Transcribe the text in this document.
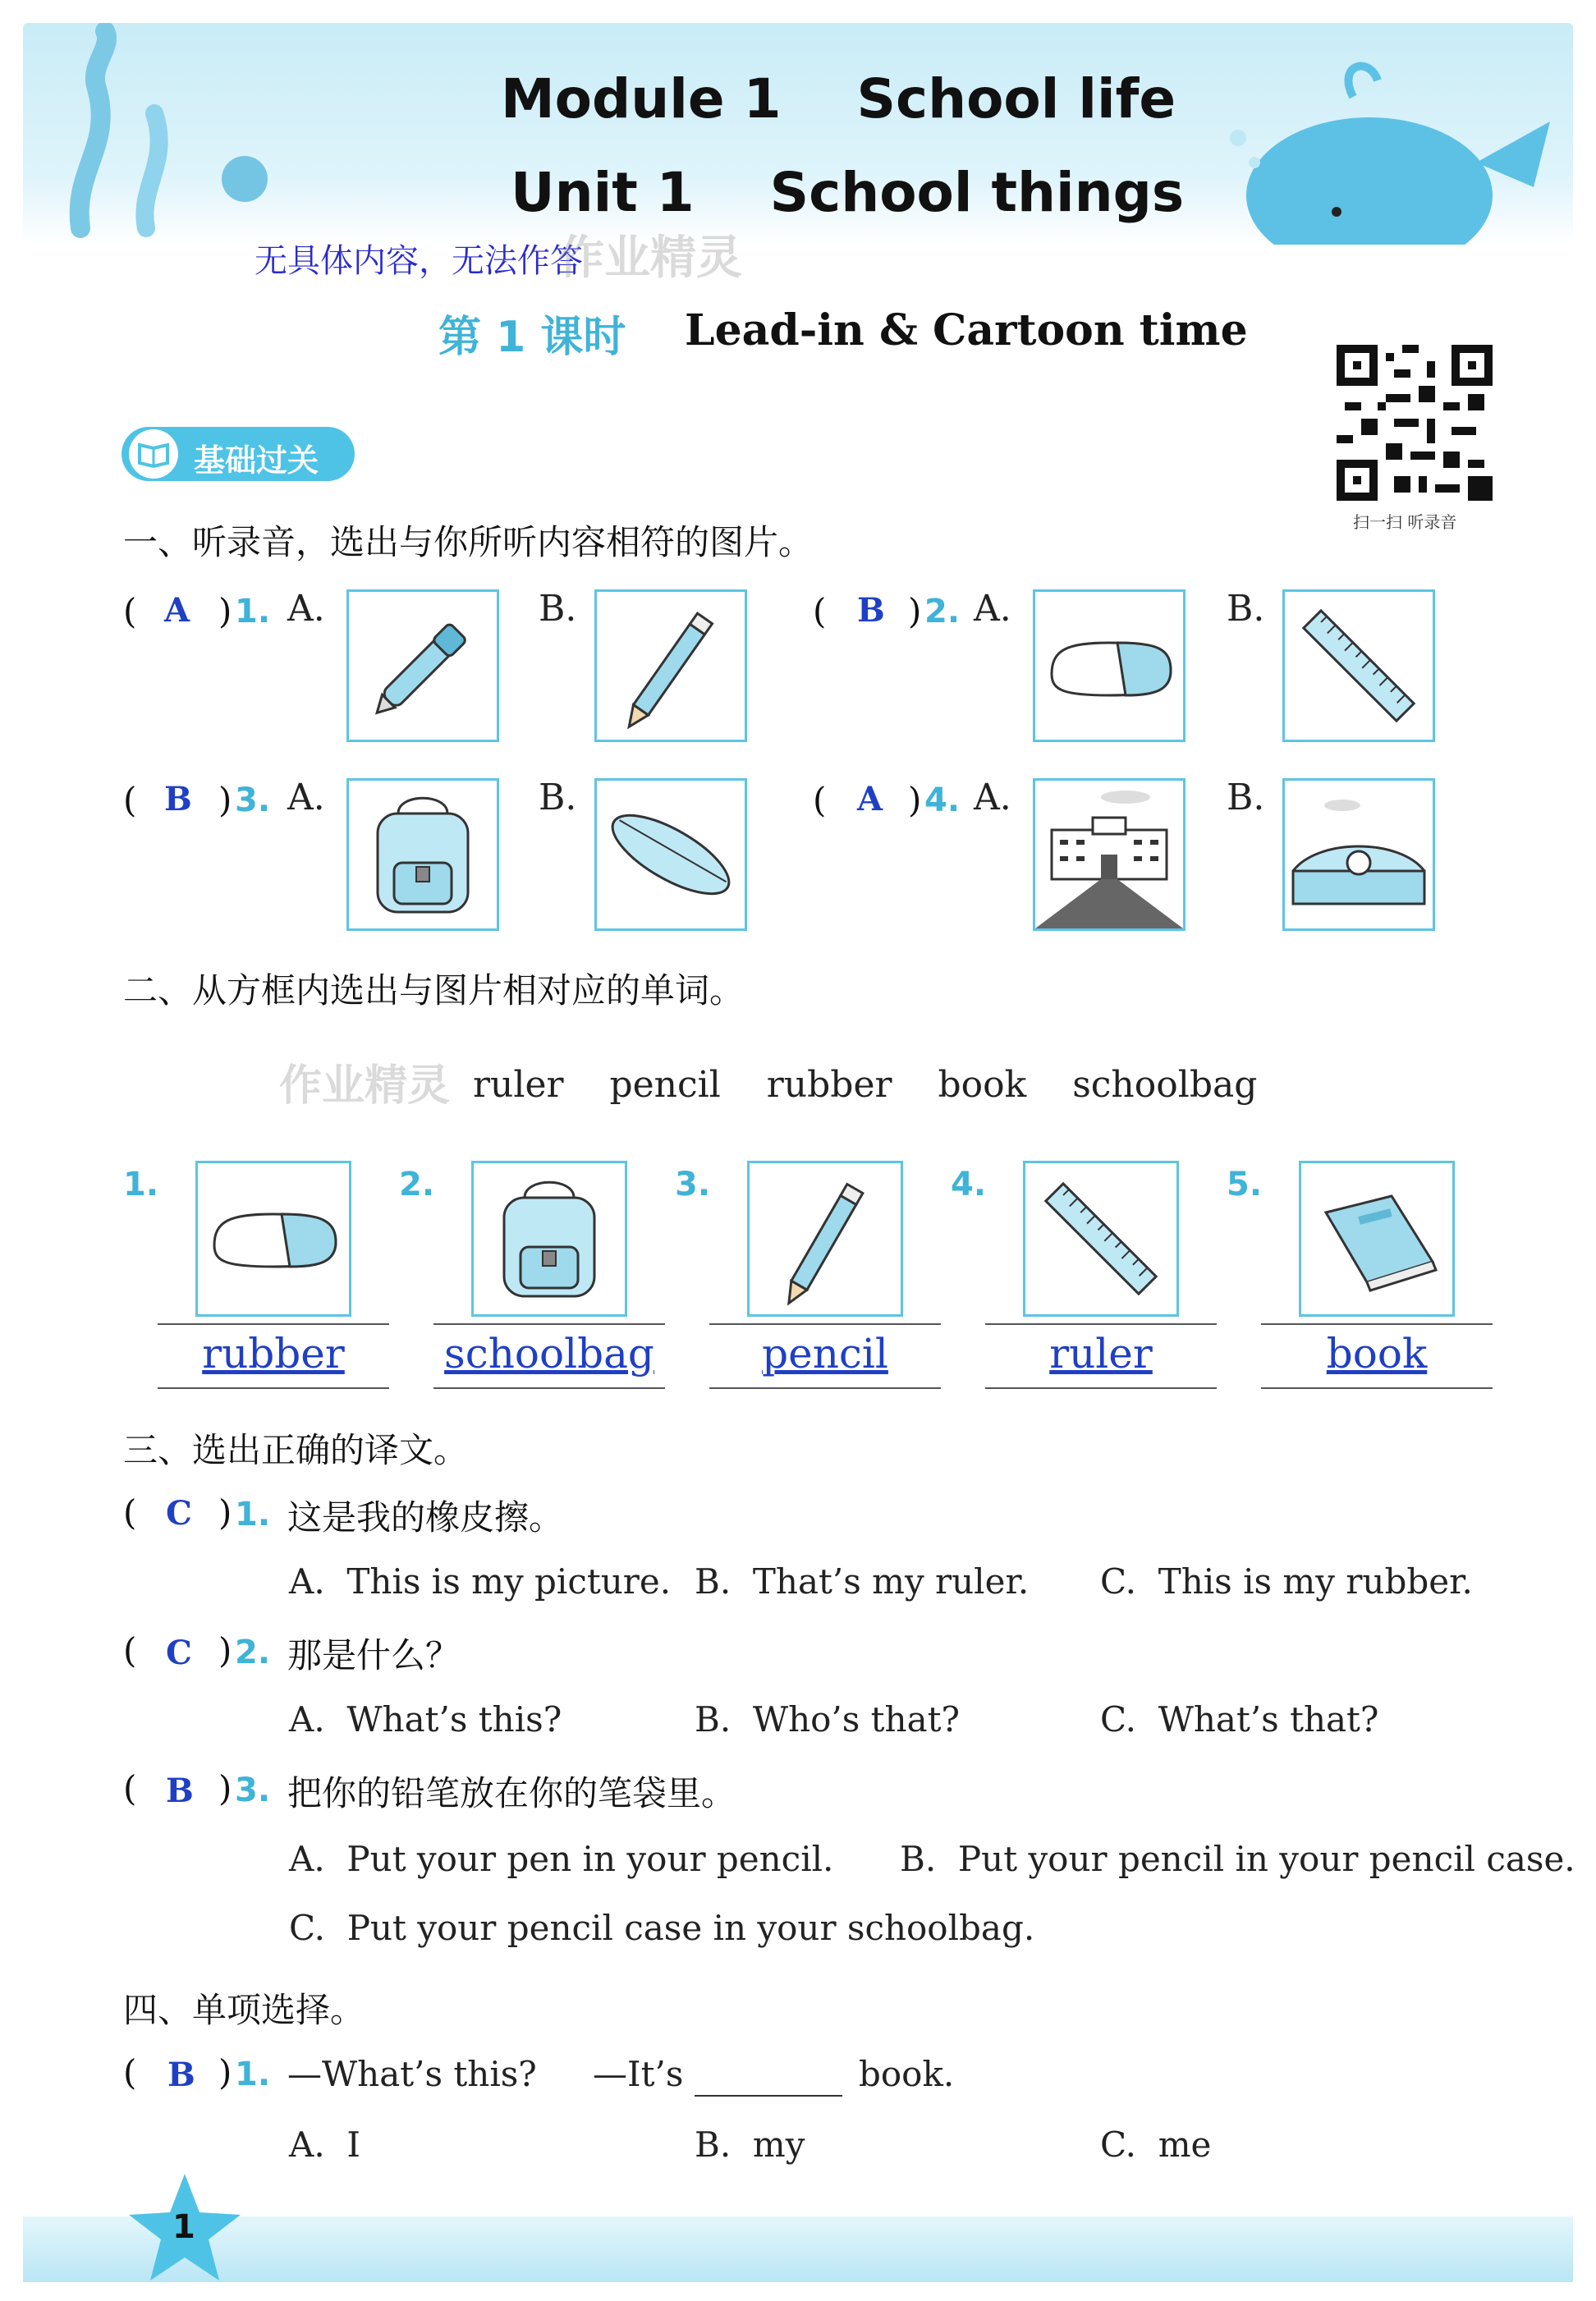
Module 1    School life
Unit 1    School things
无具体内容，无法作答
作业精灵
第 1 课时 Lead-in & Cartoon time
扫一扫 听录音
基础过关
一、听录音，选出与你所听内容相符的图片。
( A ) 1. A.	B.	( B ) 2. A.	B.
( B ) 3. A.	B.	( A ) 4. A.	B.
二、从方框内选出与图片相对应的单词。
作业精灵 ruler    pencil    rubber    book    schoolbag
1.
rubber
2.
schoolbag
3.
pencil
4.
ruler
5.
book
三、选出正确的译文。
( C ) 1. 这是我的橡皮擦。
A.  This is my picture. B.  That’s my ruler. C.  This is my rubber.
( C ) 2. 那是什么？
A.  What’s this?	B.  Who’s that?	C.  What’s that?
( B ) 3. 把你的铅笔放在你的笔袋里。
A.  Put your pen in your pencil. B.  Put your pencil in your pencil case.
C.  Put your pencil case in your schoolbag.
四、单项选择。
( B ) 1. —What’s this? —It’s	book.
A.  I	B.  my	C.  me
1
